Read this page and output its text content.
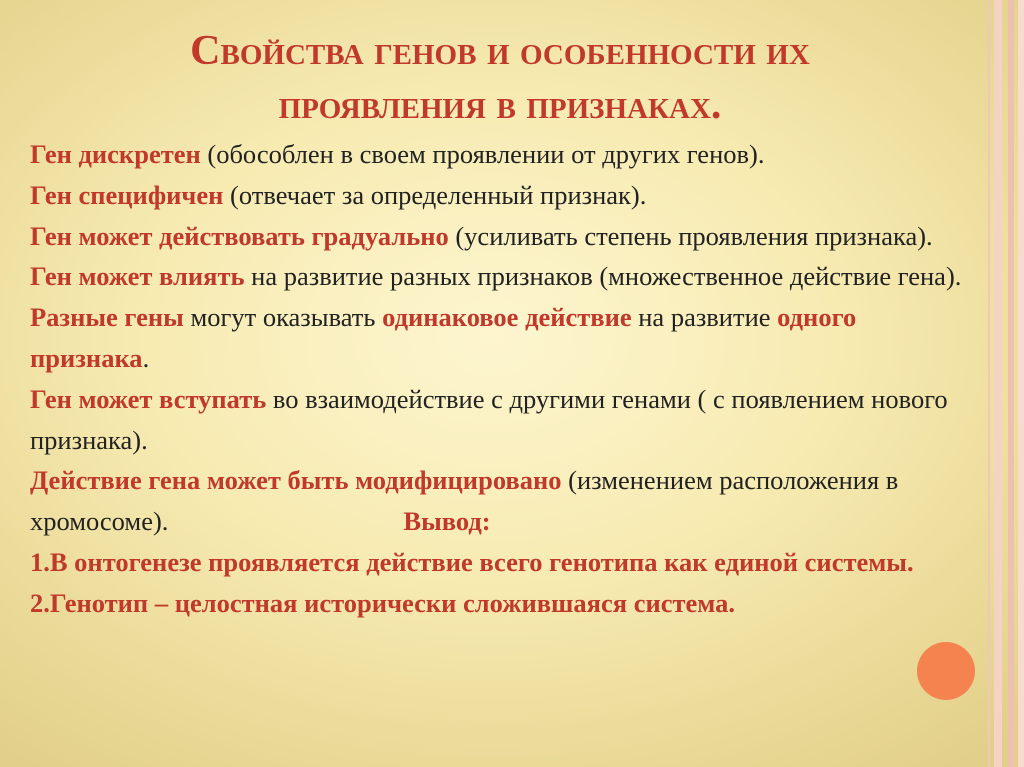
Свойства генов и особенности их
проявления в признаках.

Ген дискретен (обособлен в своем проявлении от других генов).

Ген специфичен (отвечает за определенный признак).

Ген может действовать градуально (усиливать степень проявления признака).

Ген может влиять на развитие разных признаков (множественное действие гена).

Разные гены могут оказывать одинаковое действие на развитие одного признака.

Ген может вступать во взаимодействие с другими генами ( с появлением нового признака).

Действие гена может быть модифицировано (изменением расположения в хромосоме).	Вывод:

1.В онтогенезе проявляется действие всего генотипа как единой системы.

2.Генотип – целостная исторически сложившаяся система.
